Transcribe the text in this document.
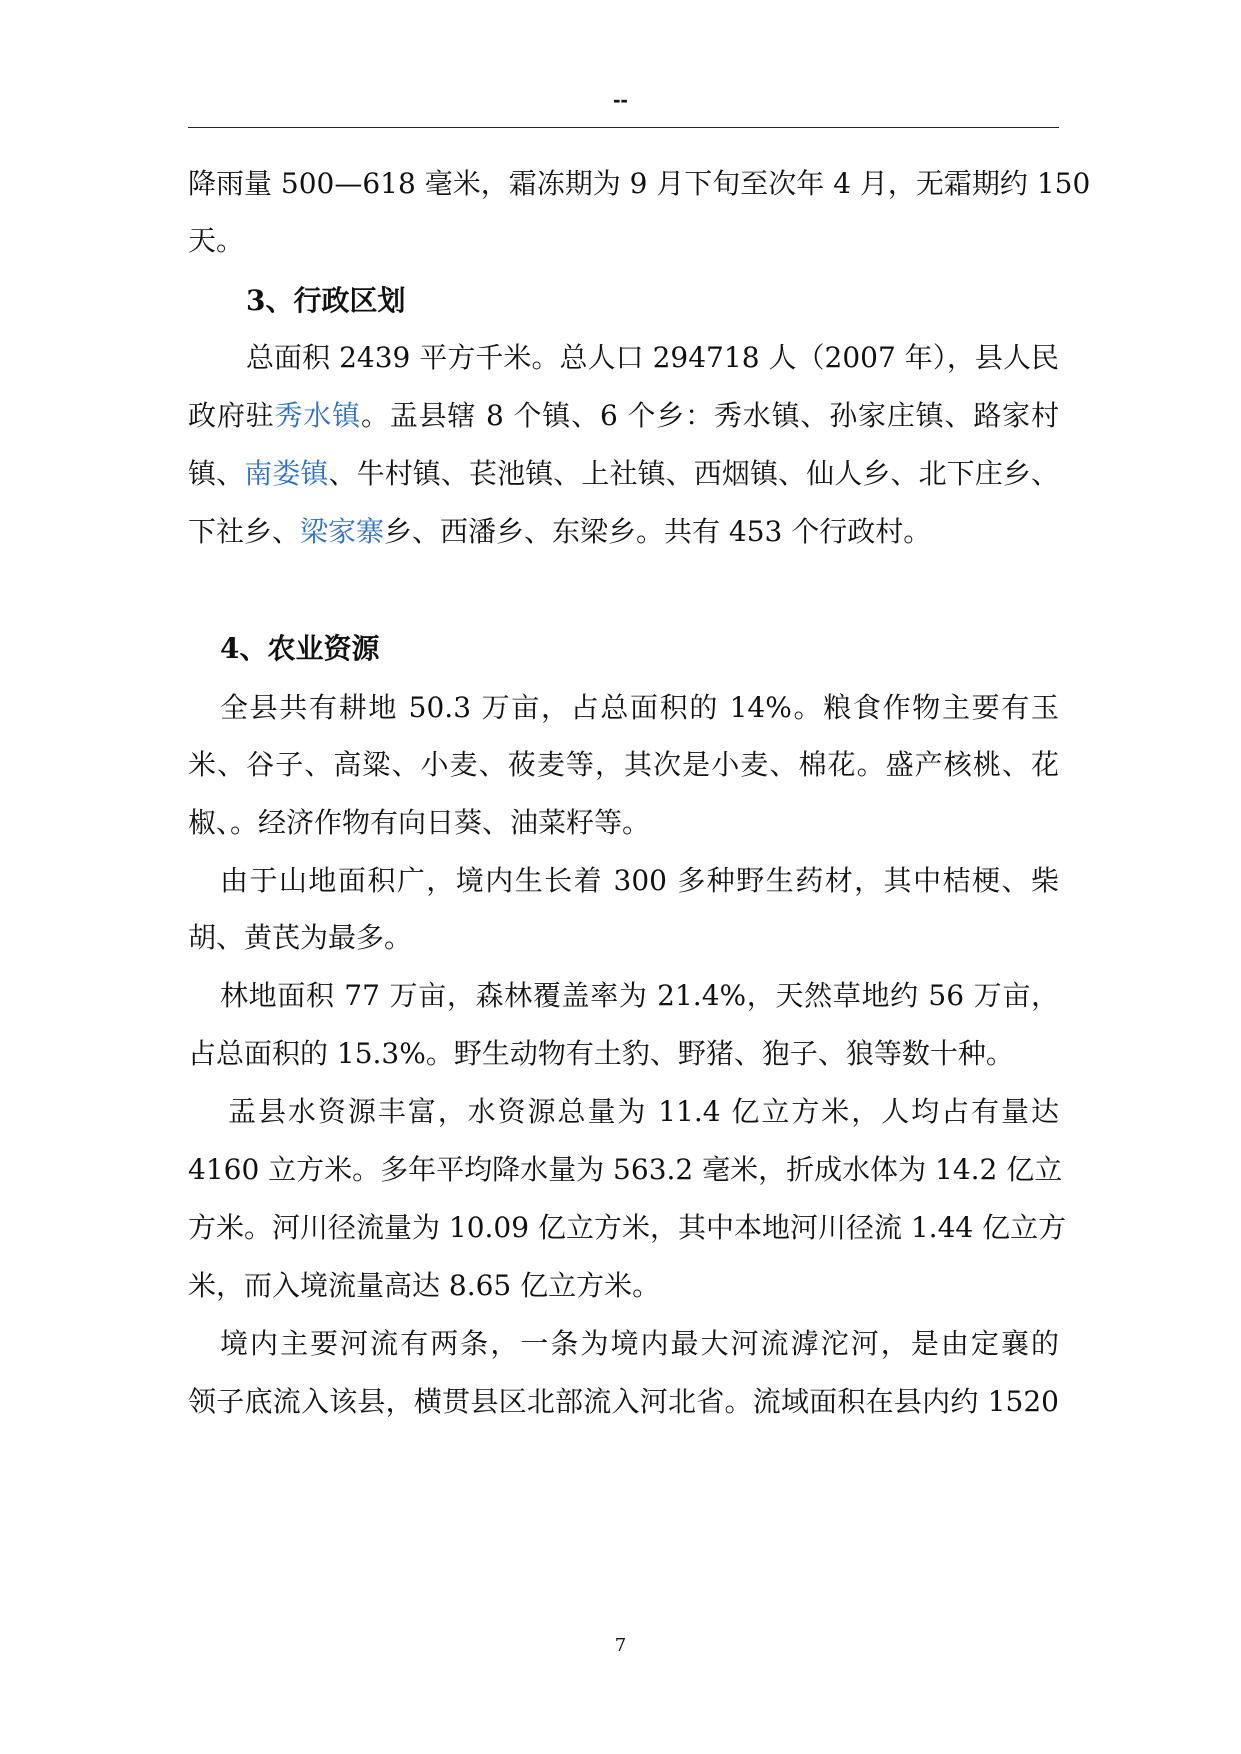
--
降雨量 500—618 毫米，霜冻期为 9 月下旬至次年 4 月，无霜期约 150
天。
3、行政区划
总面积 2439 平方千米。总人口 294718 人（2007 年），县人民
政府驻秀水镇。盂县辖 8 个镇、6 个乡：秀水镇、孙家庄镇、路家村
镇、南娄镇、牛村镇、苌池镇、上社镇、西烟镇、仙人乡、北下庄乡、
下社乡、梁家寨乡、西潘乡、东梁乡。共有 453 个行政村。
4、农业资源
全县共有耕地 50.3 万亩，占总面积的 14%。粮食作物主要有玉
米、谷子、高粱、小麦、莜麦等，其次是小麦、棉花。盛产核桃、花
椒、。经济作物有向日葵、油菜籽等。
由于山地面积广，境内生长着 300 多种野生药材，其中桔梗、柴
胡、黄芪为最多。
林地面积 77 万亩，森林覆盖率为 21.4%，天然草地约 56 万亩，
占总面积的 15.3%。野生动物有土豹、野猪、狍子、狼等数十种。
盂县水资源丰富，水资源总量为 11.4 亿立方米，人均占有量达
4160 立方米。多年平均降水量为 563.2 毫米，折成水体为 14.2 亿立
方米。河川径流量为 10.09 亿立方米，其中本地河川径流 1.44 亿立方
米，而入境流量高达 8.65 亿立方米。
境内主要河流有两条，一条为境内最大河流滹沱河，是由定襄的
领子底流入该县，横贯县区北部流入河北省。流域面积在县内约 1520
7
